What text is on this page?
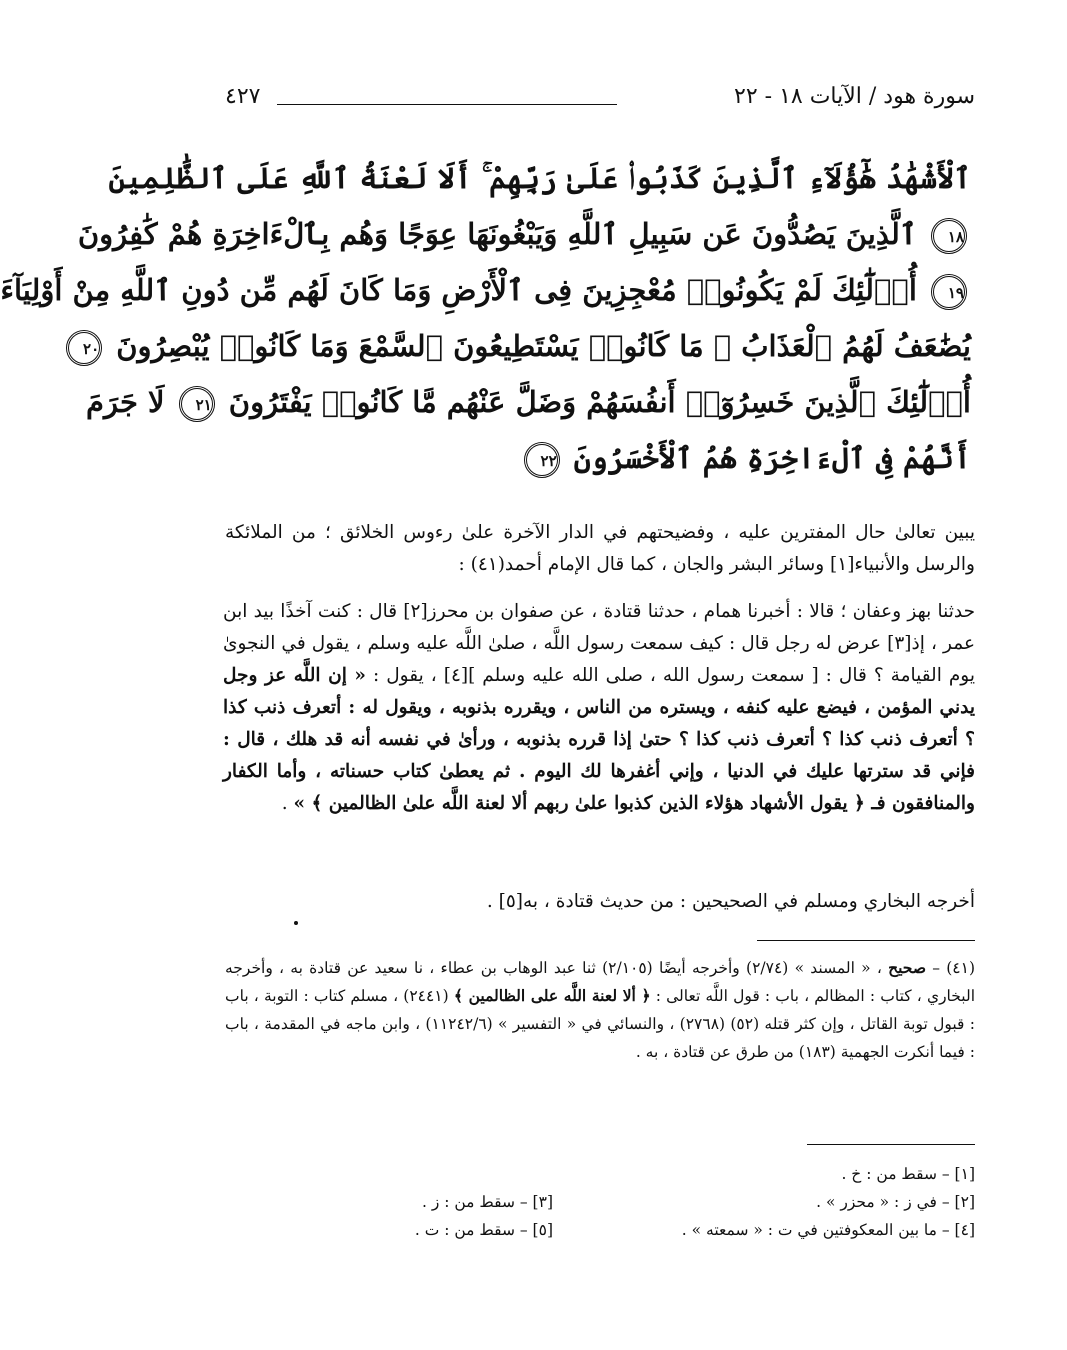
سورة هود / الآيات ١٨ - ٢٢
٤٢٧
ٱلْأَشْهَٰدُ هَٰٓؤُلَآءِ ٱلَّذِينَ كَذَبُوا۟ عَلَىٰ رَبِّهِمْ ۚ أَلَا لَعْنَةُ ٱللَّهِ عَلَى ٱلظَّٰلِمِينَ
١٨ ٱلَّذِينَ يَصُدُّونَ عَن سَبِيلِ ٱللَّهِ وَيَبْغُونَهَا عِوَجًا وَهُم بِٱلْءَاخِرَةِ هُمْ كَٰفِرُونَ
١٩ أُو۟لَٰٓئِكَ لَمْ يَكُونُوا۟ مُعْجِزِينَ فِى ٱلْأَرْضِ وَمَا كَانَ لَهُم مِّن دُونِ ٱللَّهِ مِنْ أَوْلِيَآءَ
يُضَٰعَفُ لَهُمُ ٱلْعَذَابُ ۚ مَا كَانُوا۟ يَسْتَطِيعُونَ ٱلسَّمْعَ وَمَا كَانُوا۟ يُبْصِرُونَ ٢٠
أُو۟لَٰٓئِكَ ٱلَّذِينَ خَسِرُوٓا۟ أَنفُسَهُمْ وَضَلَّ عَنْهُم مَّا كَانُوا۟ يَفْتَرُونَ ٢١ لَا جَرَمَ
أَنَّهُمْ فِى ٱلْءَاخِرَةِ هُمُ ٱلْأَخْسَرُونَ ٢٢

يبين تعالىٰ حال المفترين عليه ، وفضيحتهم في الدار الآخرة علىٰ رءوس الخلائق ؛ من الملائكة والرسل والأنبياء[١] وسائر البشر والجان ، كما قال الإمام أحمد(٤١) :

حدثنا بهز وعفان ؛ قالا : أخبرنا همام ، حدثنا قتادة ، عن صفوان بن محرز[٢] قال : كنت آخذًا بيد ابن عمر ، إذ[٣] عرض له رجل قال : كيف سمعت رسول اللَّه ، صلىٰ اللَّه عليه وسلم ، يقول في النجوىٰ يوم القيامة ؟ قال : [ سمعت رسول الله ، صلى الله عليه وسلم ][٤] ، يقول : « إن اللَّه عز وجل يدني المؤمن ، فيضع عليه كنفه ، ويستره من الناس ، ويقرره بذنوبه ، ويقول له : أتعرف ذنب كذا ؟ أتعرف ذنب كذا ؟ أتعرف ذنب كذا ؟ حتىٰ إذا قرره بذنوبه ، ورأىٰ في نفسه أنه قد هلك ، قال : فإني قد سترتها عليك في الدنيا ، وإني أغفرها لك اليوم . ثم يعطىٰ كتاب حسناته ، وأما الكفار والمنافقون فـ ﴿ يقول الأشهاد هؤلاء الذين كذبوا علىٰ ربهم ألا لعنة اللَّه علىٰ الظالمين ﴾ » .

أخرجه البخاري ومسلم في الصحيحين : من حديث قتادة ، به[٥] .

(٤١) – صحيح ، « المسند » (٢/٧٤) وأخرجه أيضًا (٢/١٠٥) ثنا عبد الوهاب بن عطاء ، نا سعيد عن قتادة به ، وأخرجه البخاري ، كتاب : المظالم ، باب : قول اللَّه تعالى : ﴿ ألا لعنة اللَّه على الظالمين ﴾ (٢٤٤١) ، مسلم كتاب : التوبة ، باب : قبول توبة القاتل ، وإن كثر قتله (٥٢) (٢٧٦٨) ، والنسائي في « التفسير » (١١٢٤٢/٦) ، وابن ماجه في المقدمة ، باب : فيما أنكرت الجهمية (١٨٣) من طرق عن قتادة ، به .

[١] – سقط من : خ .
[٢] – في ز : « محزر » .
[٣] – سقط من : ز .
[٤] – ما بين المعكوفتين في ت : « سمعته » .
[٥] – سقط من : ت .
